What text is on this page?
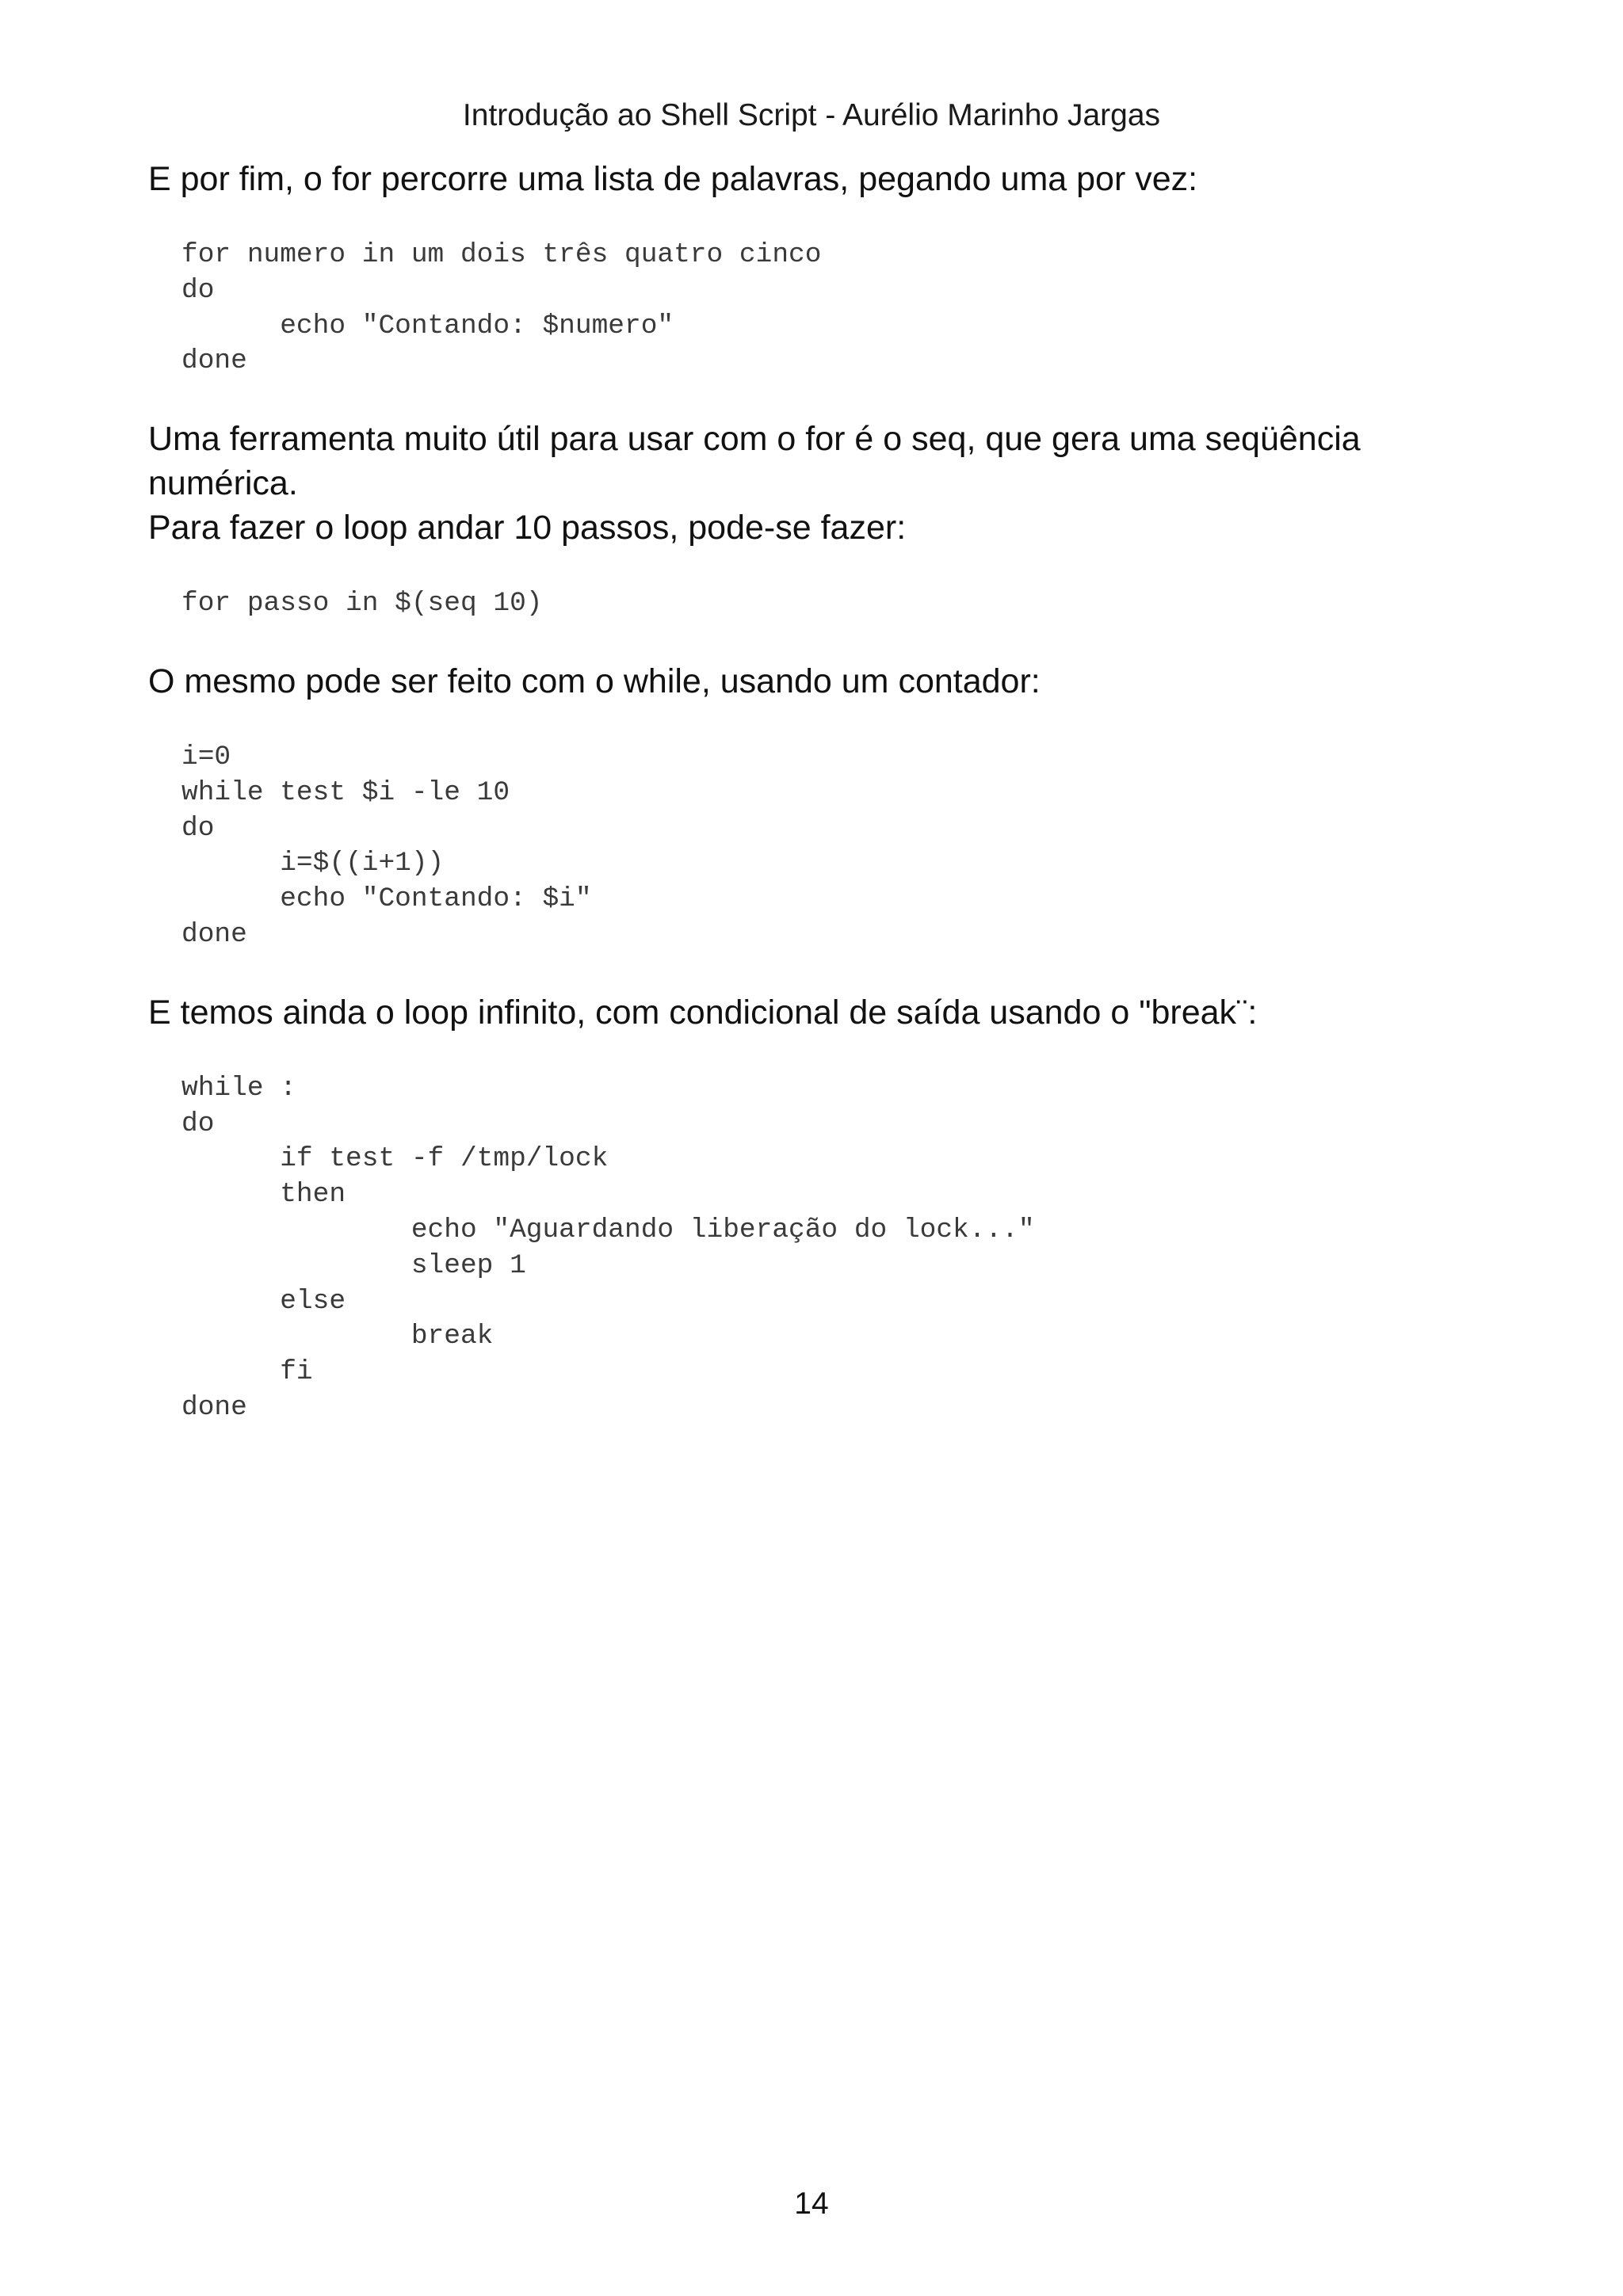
Introdução ao Shell Script - Aurélio Marinho Jargas

E por fim, o for percorre uma lista de palavras, pegando uma por vez:

for numero in um dois três quatro cinco
do
echo "Contando: $numero"
done

Uma ferramenta muito útil para usar com o for é o seq, que gera uma seqüência numérica.
Para fazer o loop andar 10 passos, pode-se fazer:

for passo in $(seq 10)

O mesmo pode ser feito com o while, usando um contador:

i=0
while test $i -le 10
do
i=$((i+1))
echo "Contando: $i"
done

E temos ainda o loop infinito, com condicional de saída usando o "break¨:

while :
do
if test -f /tmp/lock
then
echo "Aguardando liberação do lock..."
sleep 1
else
break
fi
done
14
